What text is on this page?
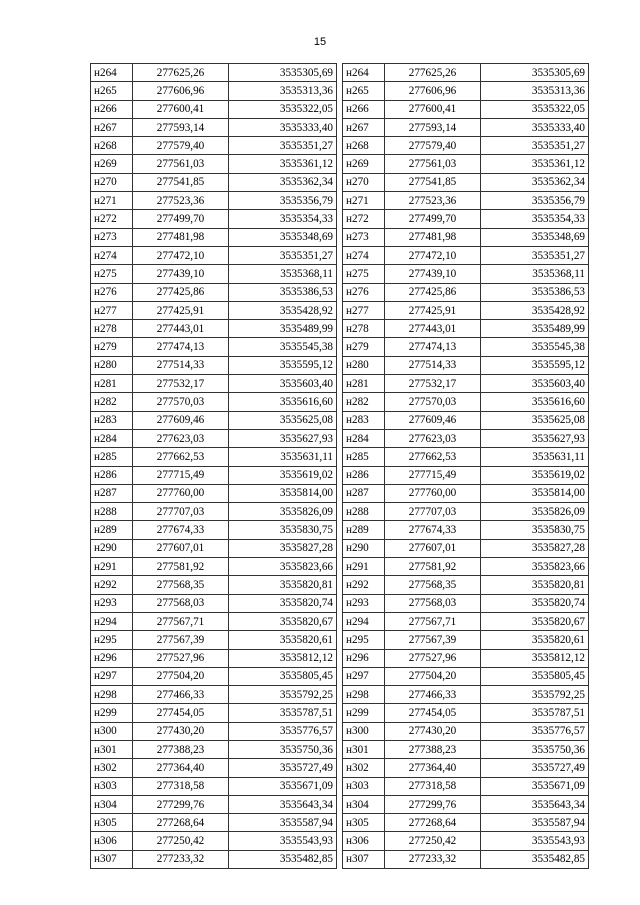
15
н264	277625,26	3535305,69
н265	277606,96	3535313,36
н266	277600,41	3535322,05
н267	277593,14	3535333,40
н268	277579,40	3535351,27
н269	277561,03	3535361,12
н270	277541,85	3535362,34
н271	277523,36	3535356,79
н272	277499,70	3535354,33
н273	277481,98	3535348,69
н274	277472,10	3535351,27
н275	277439,10	3535368,11
н276	277425,86	3535386,53
н277	277425,91	3535428,92
н278	277443,01	3535489,99
н279	277474,13	3535545,38
н280	277514,33	3535595,12
н281	277532,17	3535603,40
н282	277570,03	3535616,60
н283	277609,46	3535625,08
н284	277623,03	3535627,93
н285	277662,53	3535631,11
н286	277715,49	3535619,02
н287	277760,00	3535814,00
н288	277707,03	3535826,09
н289	277674,33	3535830,75
н290	277607,01	3535827,28
н291	277581,92	3535823,66
н292	277568,35	3535820,81
н293	277568,03	3535820,74
н294	277567,71	3535820,67
н295	277567,39	3535820,61
н296	277527,96	3535812,12
н297	277504,20	3535805,45
н298	277466,33	3535792,25
н299	277454,05	3535787,51
н300	277430,20	3535776,57
н301	277388,23	3535750,36
н302	277364,40	3535727,49
н303	277318,58	3535671,09
н304	277299,76	3535643,34
н305	277268,64	3535587,94
н306	277250,42	3535543,93
н307	277233,32	3535482,85
н264	277625,26	3535305,69
н265	277606,96	3535313,36
н266	277600,41	3535322,05
н267	277593,14	3535333,40
н268	277579,40	3535351,27
н269	277561,03	3535361,12
н270	277541,85	3535362,34
н271	277523,36	3535356,79
н272	277499,70	3535354,33
н273	277481,98	3535348,69
н274	277472,10	3535351,27
н275	277439,10	3535368,11
н276	277425,86	3535386,53
н277	277425,91	3535428,92
н278	277443,01	3535489,99
н279	277474,13	3535545,38
н280	277514,33	3535595,12
н281	277532,17	3535603,40
н282	277570,03	3535616,60
н283	277609,46	3535625,08
н284	277623,03	3535627,93
н285	277662,53	3535631,11
н286	277715,49	3535619,02
н287	277760,00	3535814,00
н288	277707,03	3535826,09
н289	277674,33	3535830,75
н290	277607,01	3535827,28
н291	277581,92	3535823,66
н292	277568,35	3535820,81
н293	277568,03	3535820,74
н294	277567,71	3535820,67
н295	277567,39	3535820,61
н296	277527,96	3535812,12
н297	277504,20	3535805,45
н298	277466,33	3535792,25
н299	277454,05	3535787,51
н300	277430,20	3535776,57
н301	277388,23	3535750,36
н302	277364,40	3535727,49
н303	277318,58	3535671,09
н304	277299,76	3535643,34
н305	277268,64	3535587,94
н306	277250,42	3535543,93
н307	277233,32	3535482,85
